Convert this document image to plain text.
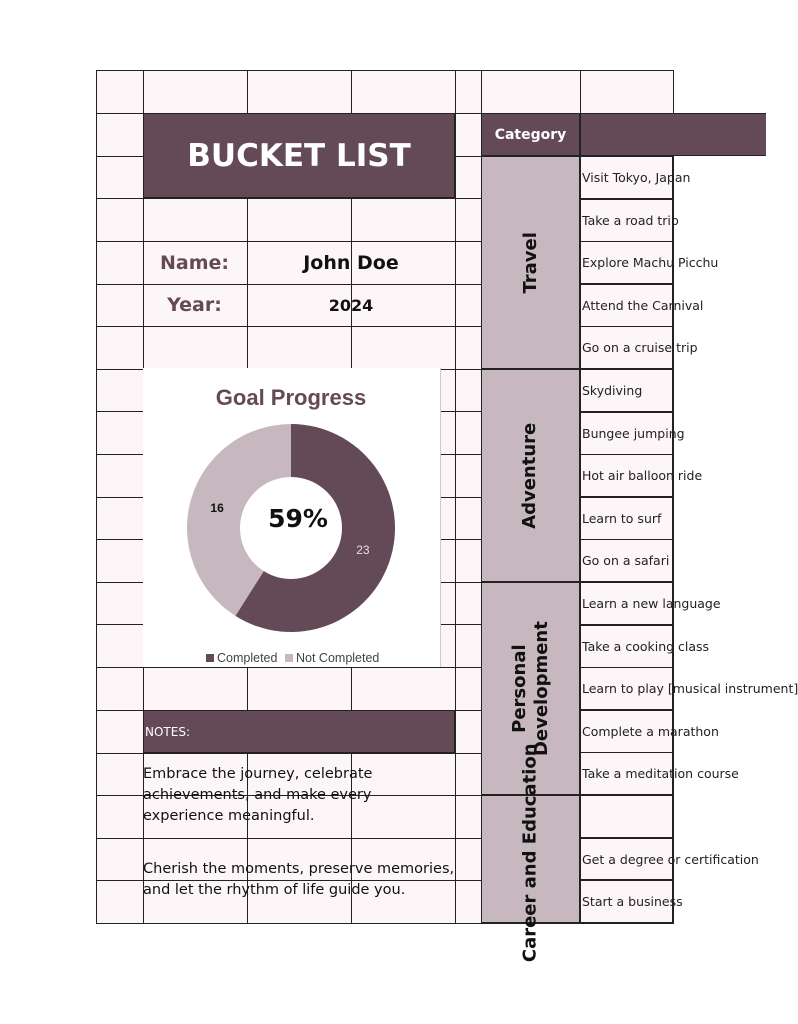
BUCKET LIST
Name:	John Doe
Year:	2024
Goal Progress
23
16 59%
Completed Not Completed
NOTES:
Embrace the journey, celebrate achievements, and make every experience meaningful.
Cherish the moments, preserve memories, and let the rhythm of life guide you.
Category
Travel
Adventure
Personal Development
Career and Education
Visit Tokyo, Japan
Take a road trip
Explore Machu Picchu
Attend the Carnival
Go on a cruise trip
Skydiving
Bungee jumping
Hot air balloon ride
Learn to surf
Go on a safari
Learn a new language
Take a cooking class
Learn to play [musical instrument]
Complete a marathon
Take a meditation course
Get a degree or certification
Start a business
